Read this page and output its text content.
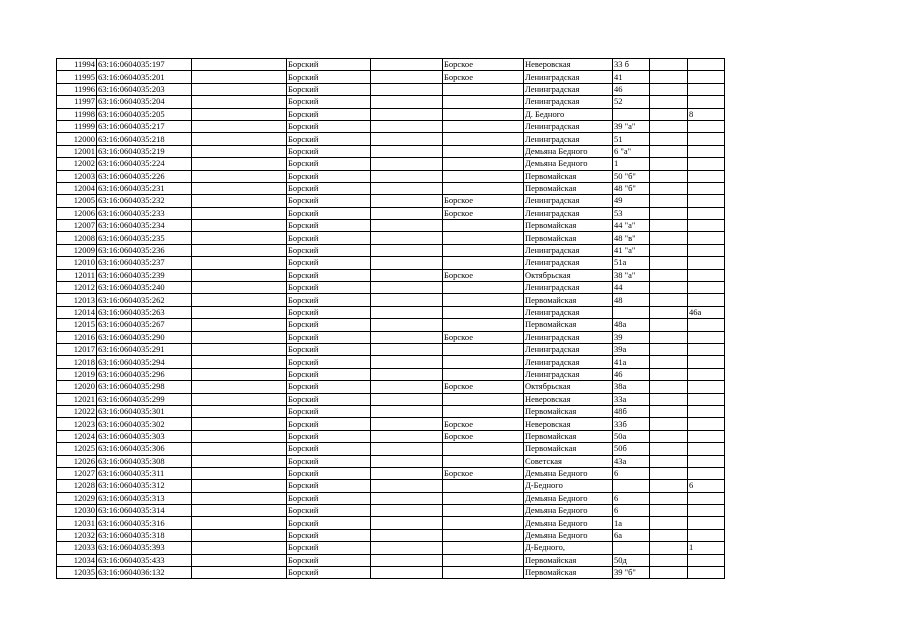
11994	63:16:0604035:197		Борский		Борское	Неверовская	33 б		
11995	63:16:0604035:201		Борский		Борское	Ленинградская	41		
11996	63:16:0604035:203		Борский			Ленинградская	46		
11997	63:16:0604035:204		Борский			Ленинградская	52		
11998	63:16:0604035:205		Борский			Д. Бедного			8
11999	63:16:0604035:217		Борский			Ленинградская	39 "а"		
12000	63:16:0604035:218		Борский			Ленинградская	51		
12001	63:16:0604035:219		Борский			Демьяна Бедного	6 "а"		
12002	63:16:0604035:224		Борский			Демьяна Бедного	1		
12003	63:16:0604035:226		Борский			Первомайская	50 "б"		
12004	63:16:0604035:231		Борский			Первомайская	48 "б"		
12005	63:16:0604035:232		Борский		Борское	Ленинградская	49		
12006	63:16:0604035:233		Борский		Борское	Ленинградская	53		
12007	63:16:0604035:234		Борский			Первомайская	44 "а"		
12008	63:16:0604035:235		Борский			Первомайская	48 "в"		
12009	63:16:0604035:236		Борский			Ленинградская	41 "а"		
12010	63:16:0604035:237		Борский			Ленинградская	51а		
12011	63:16:0604035:239		Борский		Борское	Октябрьская	38 "а"		
12012	63:16:0604035:240		Борский			Ленинградская	44		
12013	63:16:0604035:262		Борский			Первомайская	48		
12014	63:16:0604035:263		Борский			Ленинградская			46а
12015	63:16:0604035:267		Борский			Первомайская	48а		
12016	63:16:0604035:290		Борский		Борское	Ленинградская	39		
12017	63:16:0604035:291		Борский			Ленинградская	39а		
12018	63:16:0604035:294		Борский			Ленинградская	41а		
12019	63:16:0604035:296		Борский			Ленинградская	46		
12020	63:16:0604035:298		Борский		Борское	Октябрьская	38а		
12021	63:16:0604035:299		Борский			Неверовская	33а		
12022	63:16:0604035:301		Борский			Первомайская	48б		
12023	63:16:0604035:302		Борский		Борское	Неверовская	33б		
12024	63:16:0604035:303		Борский		Борское	Первомайская	50а		
12025	63:16:0604035:306		Борский			Первомайская	50б		
12026	63:16:0604035:308		Борский			Советская	43а		
12027	63:16:0604035:311		Борский		Борское	Демьяна Бедного	6		
12028	63:16:0604035:312		Борский			Д-Бедного			6
12029	63:16:0604035:313		Борский			Демьяна Бедного	6		
12030	63:16:0604035:314		Борский			Демьяна Бедного	6		
12031	63:16:0604035:316		Борский			Демьяна Бедного	1а		
12032	63:16:0604035:318		Борский			Демьяна Бедного	6а		
12033	63:16:0604035:393		Борский			Д-Бедного,			1
12034	63:16:0604035:433		Борский			Первомайская	50д		
12035	63:16:0604036:132		Борский			Первомайская	39 "б"		
